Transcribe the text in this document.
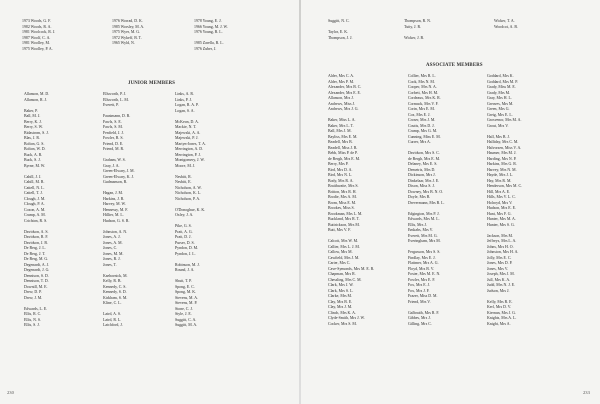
1973 Woods, G. F.
1982 Woods, R. A.
1981 Woolcock, R. J.
1987 Woolf, C. A.
1981 Woolley, M.
1975 Woolley, P. A.
1976 Worrad, D. K.
1985 Worsley, M. A.
1975 Wyer, M. G.
1972 Wykeff, B. T.
1965 Wyld, N.
1978 Young, E. J.
1966 Young, M. J. W.
1976 Young, R. L.
1985 Zarella, R. L.
1976 Zuber, J.
JUNIOR MEMBERS
Allanson, M. D.
Allanson, R. J.
Baker, P.
Ball, M. J.
Berry, K. J.
Berry, S. W.
Bidastrom, S. J.
Blas, J. R.
Bolton, G. S.
Bolton, W. D.
Buck, A. R.
Buck, S. J.
Byrne, M. W.
Cahill, J. J.
Cahill, M. R.
Cattell, N. L.
Cattell, T. J.
Clough, J. M.
Clough, P. A.
Coxon, A. M.
Crump, A. M.
Crichton, R. S.
Davidson, A. S.
Davidson, R. F.
Davidson, J. B.
De Berg, J. L.
De Berg, J. T.
De Berg, M. G.
Degenardt, A. J.
Degenardt, J. G.
Dennison, S. D.
Dennison, T. D.
Downill, M. E.
Drew, D. P.
Drew, J. M.
Edwards, L. E.
Ellis, R. C.
Ellis, N. S.
Ellis, S. J.
Ellsworth, P. J.
Ellsworth, L. M.
Everett, P.
Faustmann, D. R.
Fawls, S. E.
Fawls, S. M.
Fenfield, J. J.
Fowler, B. S.
Friend, D. E.
Friend, M. R.
Graham, W. S.
Gray, J. A.
Green-Elwary, J. M.
Green-Elwary, K. J.
Gudmanson, R.
Hagan, J. M.
Harkins, J. R.
Harvey, M. W.
Hennessy, M. F.
Hillier, M. L.
Hudson, G. S. R.
Johnston, A. N.
Jones, A. J.
Jones, A. M.
Jones, C.
Jones, M. M.
Jones, R. J.
Jones, T.
Kaehornick, M.
Kelly, R. B.
Kennedy, C. S.
Kennedy, S. D.
Kirkham, S. M.
Kline, C. L.
Laird, A. S.
Laird, R. L.
Latchford, J.
Links, A. R.
Links, P. J.
Logan, R. A. P.
Logan, S. A.
McKeon, D. A.
Mackie, N. T.
Majewski, A. A.
Majewski, P. J.
Martyn-Jones, T. A.
Merrington, A. D.
Merrington, P. J.
Montgomery, J. W.
Moore, M. J.
Nesbitt, R.
Nesbitt, E.
Nicholson, A. W.
Nicholson, K. L.
Nicholson, P. A.
O'Donoghue, K. K.
Oxley, J. A.
Pike, G. S.
Pratt, A. G.
Pratt, D. J.
Purser, D. S.
Pyndon, D. M.
Pyndon, J. L.
Robinson, M. J.
Round, J. A.
Shutt, T. P.
Spong, E. C.
Spong, M. K.
Stevens, M. A.
Stevens, M. P.
Stone, C. J.
Style, J. E.
Suggitt, C. A.
Suggitt, M. A.
230
Suggitt, N. C.
Taylor, E. K.
Thompson, J. J.
Thompson, R. N.
Tutty, J. R.
Wicker, J. B.
Wicker, T. A.
Woodcot, A. B.
ASSOCIATE MEMBERS
Alder, Mrs C. A.
Alder, Mrs P. M.
Alexander, Mrs B. C.
Alexander, Mrs E. E.
Allanson, Mrs J.
Andrews, Miss J.
Andrews, Mrs J. G.
Baker, Miss L. A.
Baker, Mrs L. T.
Ball, Mrs J. M.
Bayliss, Mrs E. M.
Beadell, Mrs B.
Beadell, Miss J. R.
Bebb, Miss P. de P.
de Bergh, Mrs E. M.
Berry, Mrs P.
Bird, Mrs D. A.
Bird, Mrs N. L.
Body, Mrs R. A.
Braithwaite, Mrs S.
Britton, Mrs R. H.
Brodie, Mrs A. M.
Brom, Miss E. M.
Brookes, Miss S.
Brookman, Mrs L. M.
Buckland, Mrs R. T.
Buttrickson, Mrs M.
Butt, Mrs V. F.
Calcott, Mrs W. M.
Callier, Mrs L. J. M.
Callow, Mrs M.
Cawfield, Mrs J. M.
Carter, Mrs C.
Cave-Symonds, Mrs M. E. R.
Chapman, Mrs R.
Chessling, Mrs C. M.
Clark, Mrs J. W.
Clark, Mrs S. L.
Clarke, Mrs M.
Clay, Mrs B. E.
Clay, Mrs J. M.
Clinch, Mrs K. A.
Clyde-Smith, Mrs J. W.
Cocker, Mrs S. M.
Collier, Mrs R. L.
Cook, Mrs N. M.
Cooper, Mrs N. A.
Corbett, Mrs H. M.
Cordeaux, Mrs K. R.
Cormack, Mrs V. F.
Corin, Mrs E. M.
Cox, Mrs E. J.
Croser, Mrs J. M.
Coutts, Mrs D. J.
Crump, Mrs G. M.
Cunning, Miss E. M.
Currer, Mrs A.
Davidson, Mrs S. C.
de Bergh, Mrs E. M.
Delaney, Mrs E. S.
Demetris, Mrs D.
Dickinson, Mrs J.
Dinkelaar, Mrs J. E.
Dixon, Miss S. J.
Downey, Mrs B. N. O.
Doyle, Mrs B.
Drevermann, Mrs B. L.
Edgington, Mrs P. J.
Edwards, Mrs M. L.
Ellis, Mrs J.
Emkabs, Mrs V.
Everett, Mrs M. G.
Everingham, Mrs M.
Fergusson, Mrs S. S.
Findlay, Mrs E. J.
Flattmer, Mrs A. G.
Floyd, Mrs B. V.
Foster, Mrs M. E. N.
Fowler, Mrs E. F.
Fox, Mrs E. J.
Fox, Mrs J. F.
Frazer, Miss D. M.
Friend, Mrs V.
Galbraith, Mrs R. F.
Gibbes, Mrs J.
Gilling, Mrs C.
Goddard, Mrs K.
Goddard, Mrs M. P.
Grady, Miss M. E.
Grady, Mrs M.
Gray, Mrs H. L.
Greaves, Mrs M.
Green, Mrs G.
Greig, Mrs E. L.
Grosvenor, Mrs M. A.
Grout, Mrs V.
Hall, Mrs B. J.
Halliday, Mrs C. M.
Halvorsen, Miss V. A.
Haumer, Mrs M. J.
Harding, Mrs N. P.
Harkins, Mrs G. R.
Harvey, Mrs N. M.
Hayde, Mrs J. L.
Hay, Mrs R. M.
Henderson, Mrs M. C.
Hill, Mrs A. E.
Hills, Mrs V. L. C.
Holroyd, Mrs V.
Hudson, Mrs E. E.
Hunt, Mrs F. G.
Hunter, Mrs M. A.
Hunter, Mrs S. G.
Jackson, Mrs M.
Jeffreys, Mrs L. A.
Johns, Mrs H. O.
Johnston, Mrs H. A.
Jolly, Mrs E. C.
Jones, Mrs D. P.
Jones, Mrs V.
Joseph, Mrs J. M.
Jull, Mrs K. A.
Judd, Mrs N. J. E.
Judson, Mrs J.
Kelly, Mrs R. E.
Kerl, Mrs D. V.
Kiernan, Mrs J. G.
Knights, Mrs A. L.
Knight, Mrs A.
233
